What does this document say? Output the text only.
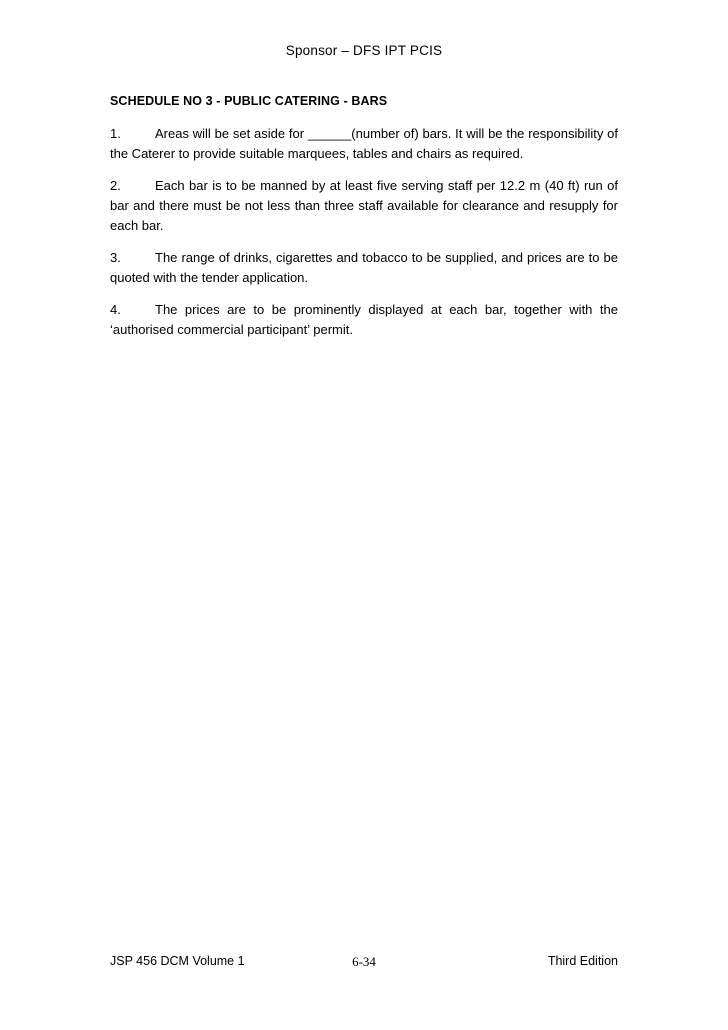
Sponsor – DFS IPT PCIS
SCHEDULE NO 3 - PUBLIC CATERING - BARS

1.	Areas will be set aside for ______(number of) bars. It will be the responsibility of the Caterer to provide suitable marquees, tables and chairs as required.

2.	Each bar is to be manned by at least five serving staff per 12.2 m (40 ft) run of bar and there must be not less than three staff available for clearance and resupply for each bar.

3.	The range of drinks, cigarettes and tobacco to be supplied, and prices are to be quoted with the tender application.

4.	The prices are to be prominently displayed at each bar, together with the ‘authorised commercial participant’ permit.

JSP 456 DCM Volume 1	6-34	Third Edition
